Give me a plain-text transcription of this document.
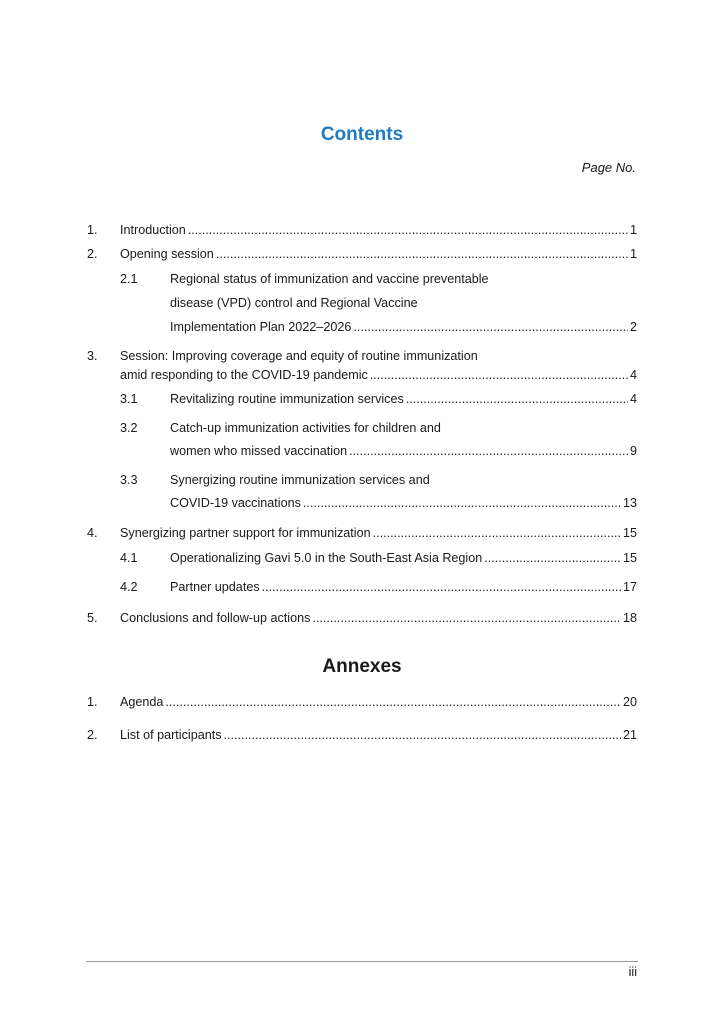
Contents
Page No.
1. Introduction .....	1
2. Opening session .....	1
2.1	Regional status of immunization and vaccine preventable
disease (VPD) control and Regional Vaccine
Implementation Plan 2022–2026 .....	2
3. Session: Improving coverage and equity of routine immunization
amid responding to the COVID-19 pandemic .....	4
3.1	Revitalizing routine immunization services .....	4
3.2	Catch-up immunization activities for children and
women who missed vaccination .....	9
3.3	Synergizing routine immunization services and
COVID-19 vaccinations .....	13
4. Synergizing partner support for immunization .....	15
4.1	Operationalizing Gavi 5.0 in the South-East Asia Region .....	15
4.2	Partner updates .....	17
5. Conclusions and follow-up actions .....	18
Annexes
1. Agenda .....	20
2. List of participants .....	21
iii
